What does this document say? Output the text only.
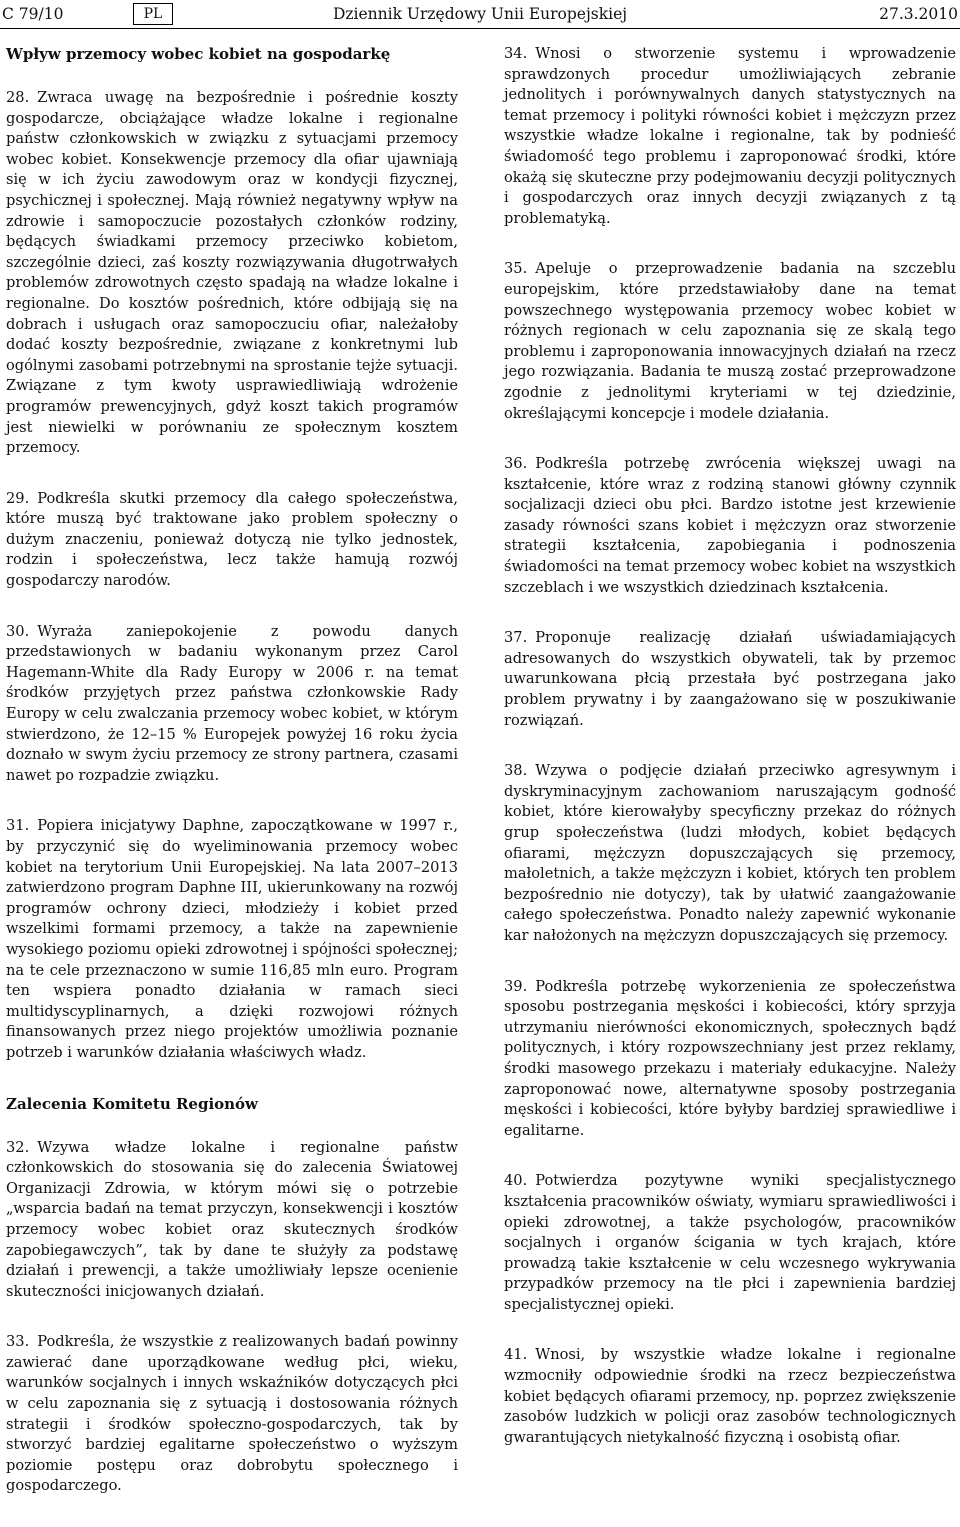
C 79/10	Dziennik Urzędowy Unii Europejskiej
PL	27.3.2010
Wpływ przemocy wobec kobiet na gospodarkę

28. Zwraca uwagę na bezpośrednie i pośrednie koszty gospodarcze, obciążające władze lokalne i regionalne państw członkowskich w związku z sytuacjami przemocy wobec kobiet. Konsekwencje przemocy dla ofiar ujawniają się w ich życiu zawodowym oraz w kondycji fizycznej, psychicznej i społecznej. Mają również negatywny wpływ na zdrowie i samopoczucie pozostałych członków rodziny, będących świadkami przemocy przeciwko kobietom, szczególnie dzieci, zaś koszty rozwiązywania długotrwałych problemów zdrowotnych często spadają na władze lokalne i regionalne. Do kosztów pośrednich, które odbijają się na dobrach i usługach oraz samopoczuciu ofiar, należałoby dodać koszty bezpośrednie, związane z konkretnymi lub ogólnymi zasobami potrzebnymi na sprostanie tejże sytuacji. Związane z tym kwoty usprawiedliwiają wdrożenie programów prewencyjnych, gdyż koszt takich programów jest niewielki w porównaniu ze społecznym kosztem przemocy.

29. Podkreśla skutki przemocy dla całego społeczeństwa, które muszą być traktowane jako problem społeczny o dużym znaczeniu, ponieważ dotyczą nie tylko jednostek, rodzin i społeczeństwa, lecz także hamują rozwój gospodarczy narodów.

30. Wyraża zaniepokojenie z powodu danych przedstawionych w badaniu wykonanym przez Carol Hagemann-White dla Rady Europy w 2006 r. na temat środków przyjętych przez państwa członkowskie Rady Europy w celu zwalczania przemocy wobec kobiet, w którym stwierdzono, że 12–15 % Europejek powyżej 16 roku życia doznało w swym życiu przemocy ze strony partnera, czasami nawet po rozpadzie związku.

31. Popiera inicjatywy Daphne, zapoczątkowane w 1997 r., by przyczynić się do wyeliminowania przemocy wobec kobiet na terytorium Unii Europejskiej. Na lata 2007–2013 zatwierdzono program Daphne III, ukierunkowany na rozwój programów ochrony dzieci, młodzieży i kobiet przed wszelkimi formami przemocy, a także na zapewnienie wysokiego poziomu opieki zdrowotnej i spójności społecznej; na te cele przeznaczono w sumie 116,85 mln euro. Program ten wspiera ponadto działania w ramach sieci multidyscyplinarnych, a dzięki rozwojowi różnych finansowanych przez niego projektów umożliwia poznanie potrzeb i warunków działania właściwych władz.

Zalecenia Komitetu Regionów

32. Wzywa władze lokalne i regionalne państw członkowskich do stosowania się do zalecenia Światowej Organizacji Zdrowia, w którym mówi się o potrzebie „wsparcia badań na temat przyczyn, konsekwencji i kosztów przemocy wobec kobiet oraz skutecznych środków zapobiegawczych”, tak by dane te służyły za podstawę działań i prewencji, a także umożliwiały lepsze ocenienie skuteczności inicjowanych działań.

33. Podkreśla, że wszystkie z realizowanych badań powinny zawierać dane uporządkowane według płci, wieku, warunków socjalnych i innych wskaźników dotyczących płci w celu zapoznania się z sytuacją i dostosowania różnych strategii i środków społeczno-gospodarczych, tak by stworzyć bardziej egalitarne społeczeństwo o wyższym poziomie postępu oraz dobrobytu społecznego i gospodarczego.

34. Wnosi o stworzenie systemu i wprowadzenie sprawdzonych procedur umożliwiających zebranie jednolitych i porównywalnych danych statystycznych na temat przemocy i polityki równości kobiet i mężczyzn przez wszystkie władze lokalne i regionalne, tak by podnieść świadomość tego problemu i zaproponować środki, które okażą się skuteczne przy podejmowaniu decyzji politycznych i gospodarczych oraz innych decyzji związanych z tą problematyką.

35. Apeluje o przeprowadzenie badania na szczeblu europejskim, które przedstawiałoby dane na temat powszechnego występowania przemocy wobec kobiet w różnych regionach w celu zapoznania się ze skalą tego problemu i zaproponowania innowacyjnych działań na rzecz jego rozwiązania. Badania te muszą zostać przeprowadzone zgodnie z jednolitymi kryteriami w tej dziedzinie, określającymi koncepcje i modele działania.

36. Podkreśla potrzebę zwrócenia większej uwagi na kształcenie, które wraz z rodziną stanowi główny czynnik socjalizacji dzieci obu płci. Bardzo istotne jest krzewienie zasady równości szans kobiet i mężczyzn oraz stworzenie strategii kształcenia, zapobiegania i podnoszenia świadomości na temat przemocy wobec kobiet na wszystkich szczeblach i we wszystkich dziedzinach kształcenia.

37. Proponuje realizację działań uświadamiających adresowanych do wszystkich obywateli, tak by przemoc uwarunkowana płcią przestała być postrzegana jako problem prywatny i by zaangażowano się w poszukiwanie rozwiązań.

38. Wzywa o podjęcie działań przeciwko agresywnym i dyskryminacyjnym zachowaniom naruszającym godność kobiet, które kierowałyby specyficzny przekaz do różnych grup społeczeństwa (ludzi młodych, kobiet będących ofiarami, mężczyzn dopuszczających się przemocy, małoletnich, a także mężczyzn i kobiet, których ten problem bezpośrednio nie dotyczy), tak by ułatwić zaangażowanie całego społeczeństwa. Ponadto należy zapewnić wykonanie kar nałożonych na mężczyzn dopuszczających się przemocy.

39. Podkreśla potrzebę wykorzenienia ze społeczeństwa sposobu postrzegania męskości i kobiecości, który sprzyja utrzymaniu nierówności ekonomicznych, społecznych bądź politycznych, i który rozpowszechniany jest przez reklamy, środki masowego przekazu i materiały edukacyjne. Należy zaproponować nowe, alternatywne sposoby postrzegania męskości i kobiecości, które byłyby bardziej sprawiedliwe i egalitarne.

40. Potwierdza pozytywne wyniki specjalistycznego kształcenia pracowników oświaty, wymiaru sprawiedliwości i opieki zdrowotnej, a także psychologów, pracowników socjalnych i organów ścigania w tych krajach, które prowadzą takie kształcenie w celu wczesnego wykrywania przypadków przemocy na tle płci i zapewnienia bardziej specjalistycznej opieki.

41. Wnosi, by wszystkie władze lokalne i regionalne wzmocniły odpowiednie środki na rzecz bezpieczeństwa kobiet będących ofiarami przemocy, np. poprzez zwiększenie zasobów ludzkich w policji oraz zasobów technologicznych gwarantujących nietykalność fizyczną i osobistą ofiar.
